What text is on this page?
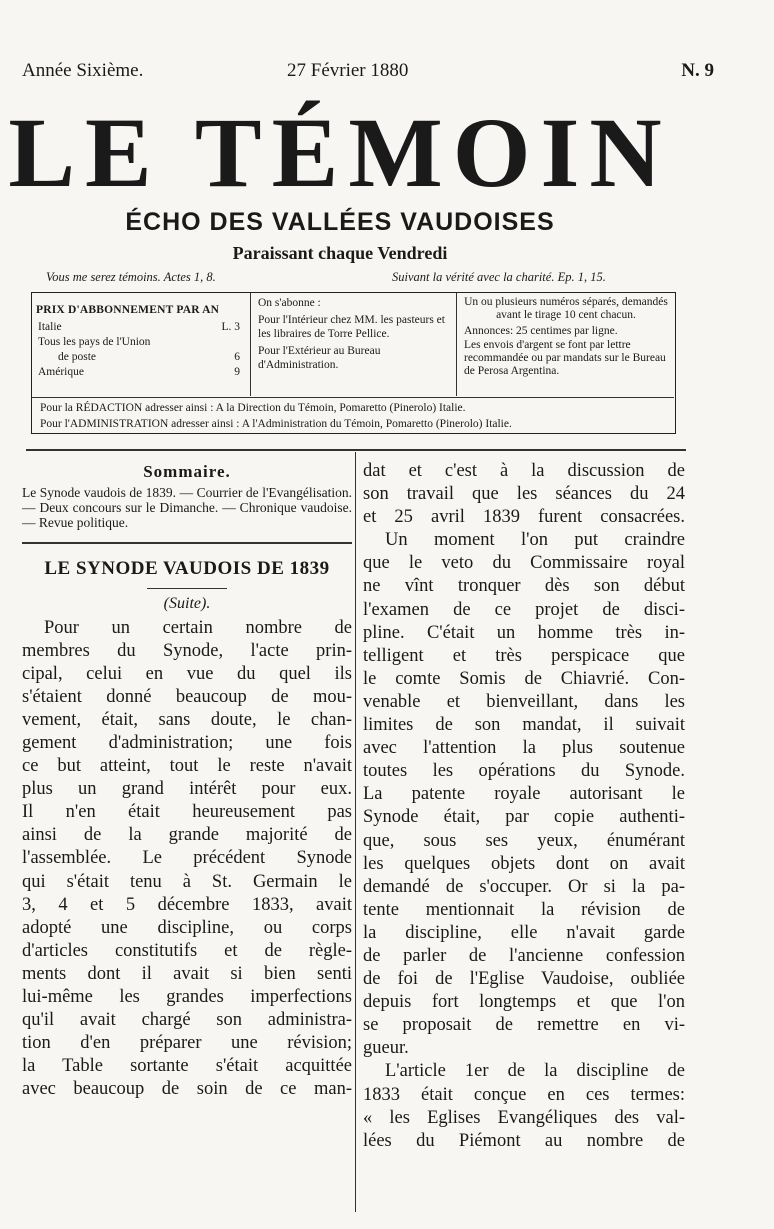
Année Sixième.	27 Février 1880	N. 9
LE TÉMOIN
ÉCHO DES VALLÉES VAUDOISES
Paraissant chaque Vendredi
Vous me serez témoins. Actes 1, 8.	Suivant la vérité avec la charité. Ep. 1, 15.
PRIX D'ABBONNEMENT PAR AN
Italie	L. 3
Tous les pays de l'Union
de poste	6
Amérique	9

On s'abonne :

Pour l'Intérieur chez MM. les pasteurs et les libraires de Torre Pellice.

Pour l'Extérieur au Bureau d'Administration.

Un ou plusieurs numéros séparés, demandés avant le tirage 10 cent chacun.

Annonces: 25 centimes par ligne.

Les envois d'argent se font par lettre recommandée ou par mandats sur le Bureau de Perosa Argentina.

Pour la RÉDACTION adresser ainsi : A la Direction du Témoin, Pomaretto (Pinerolo) Italie.
Pour l'ADMINISTRATION adresser ainsi : A l'Administration du Témoin, Pomaretto (Pinerolo) Italie.
Sommaire.
Le Synode vaudois de 1839. — Courrier de l'Evangélisation. — Deux concours sur le Dimanche. — Chronique vaudoise. — Revue politique.
LE SYNODE VAUDOIS DE 1839
(Suite).
Pour un certain nombre de
membres du Synode, l'acte prin-
cipal, celui en vue du quel ils
s'étaient donné beaucoup de mou-
vement, était, sans doute, le chan-
gement d'administration; une fois
ce but atteint, tout le reste n'avait
plus un grand intérêt pour eux.
Il n'en était heureusement pas
ainsi de la grande majorité de
l'assemblée. Le précédent Synode
qui s'était tenu à St. Germain le
3, 4 et 5 décembre 1833, avait
adopté une discipline, ou corps
d'articles constitutifs et de règle-
ments dont il avait si bien senti
lui-même les grandes imperfections
qu'il avait chargé son administra-
tion d'en préparer une révision;
la Table sortante s'était acquittée
avec beaucoup de soin de ce man-
dat et c'est à la discussion de
son travail que les séances du 24
et 25 avril 1839 furent consacrées.
Un moment l'on put craindre
que le veto du Commissaire royal
ne vînt tronquer dès son début
l'examen de ce projet de disci-
pline. C'était un homme très in-
telligent et très perspicace que
le comte Somis de Chiavrié. Con-
venable et bienveillant, dans les
limites de son mandat, il suivait
avec l'attention la plus soutenue
toutes les opérations du Synode.
La patente royale autorisant le
Synode était, par copie authenti-
que, sous ses yeux, énumérant
les quelques objets dont on avait
demandé de s'occuper. Or si la pa-
tente mentionnait la révision de
la discipline, elle n'avait garde
de parler de l'ancienne confession
de foi de l'Eglise Vaudoise, oubliée
depuis fort longtemps et que l'on
se proposait de remettre en vi-
gueur.
L'article 1er de la discipline de
1833 était conçue en ces termes:
« les Eglises Evangéliques des val-
lées du Piémont au nombre de
